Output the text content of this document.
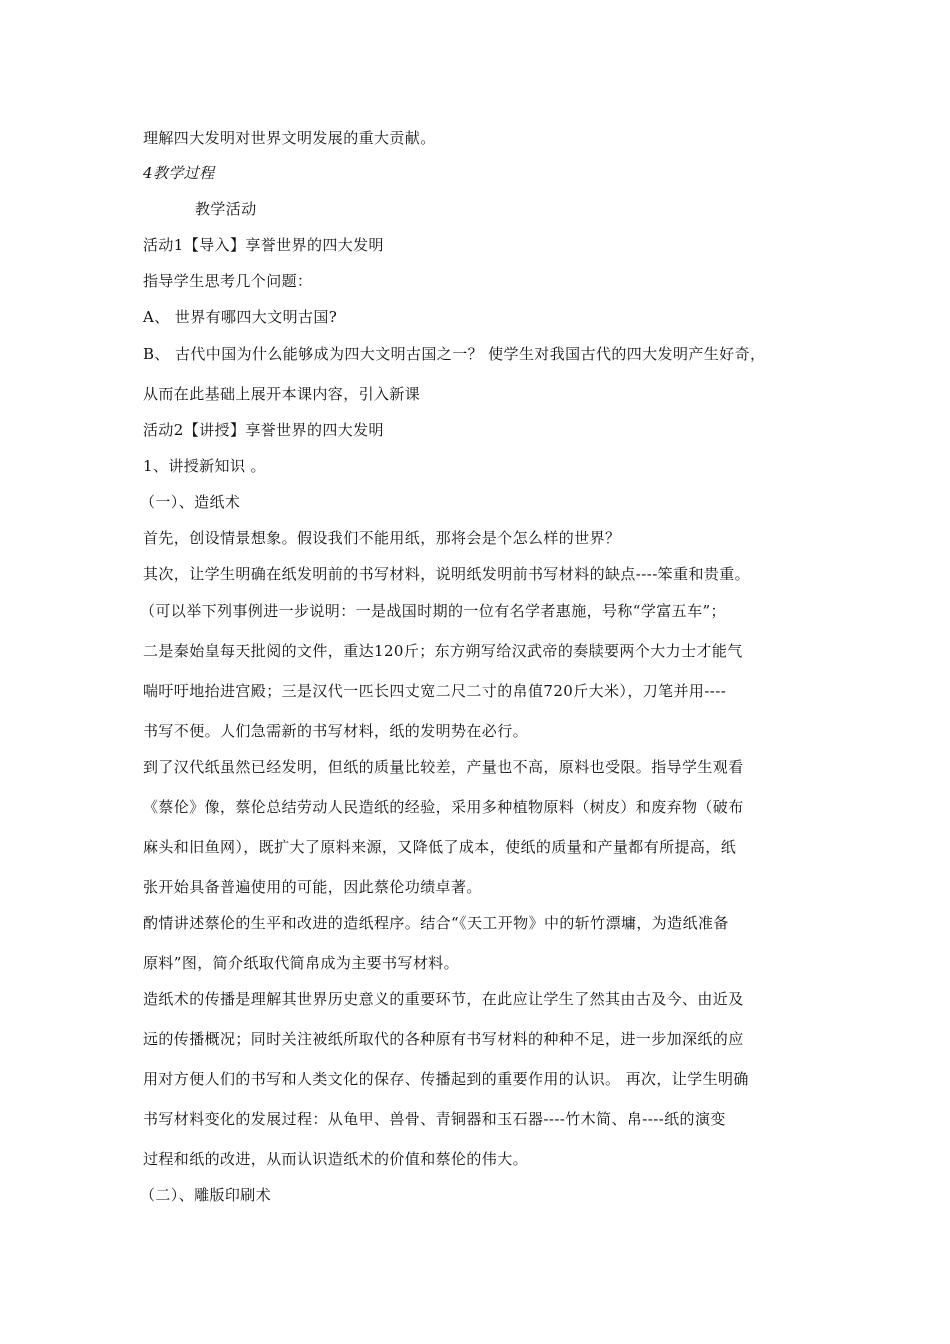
理解四大发明对世界文明发展的重大贡献。
4教学过程
教学活动
活动1【导入】享誉世界的四大发明
指导学生思考几个问题：
A、 世界有哪四大文明古国?
B、 古代中国为什么能够成为四大文明古国之一？ 使学生对我国古代的四大发明产生好奇，
从而在此基础上展开本课内容，引入新课
活动2【讲授】享誉世界的四大发明
1、讲授新知识 。
（一）、造纸术
首先，创设情景想象。假设我们不能用纸，那将会是个怎么样的世界？
其次，让学生明确在纸发明前的书写材料，说明纸发明前书写材料的缺点----笨重和贵重。
（可以举下列事例进一步说明：一是战国时期的一位有名学者惠施，号称“学富五车”；
二是秦始皇每天批阅的文件，重达120斤；东方朔写给汉武帝的奏牍要两个大力士才能气
喘吁吁地抬进宫殿；三是汉代一匹长四丈宽二尺二寸的帛值720斤大米），刀笔并用----
书写不便。人们急需新的书写材料，纸的发明势在必行。
到了汉代纸虽然已经发明，但纸的质量比较差，产量也不高，原料也受限。指导学生观看
《蔡伦》像，蔡伦总结劳动人民造纸的经验，采用多种植物原料（树皮）和废弃物（破布
麻头和旧鱼网），既扩大了原料来源，又降低了成本，使纸的质量和产量都有所提高，纸
张开始具备普遍使用的可能，因此蔡伦功绩卓著。
酌情讲述蔡伦的生平和改进的造纸程序。结合“《天工开物》中的斩竹漂墉，为造纸准备
原料”图，简介纸取代简帛成为主要书写材料。
造纸术的传播是理解其世界历史意义的重要环节，在此应让学生了然其由古及今、由近及
远的传播概况；同时关注被纸所取代的各种原有书写材料的种种不足，进一步加深纸的应
用对方便人们的书写和人类文化的保存、传播起到的重要作用的认识。 再次，让学生明确
书写材料变化的发展过程：从龟甲、兽骨、青铜器和玉石器----竹木简、帛----纸的演变
过程和纸的改进，从而认识造纸术的价值和蔡伦的伟大。
（二）、雕版印刷术
